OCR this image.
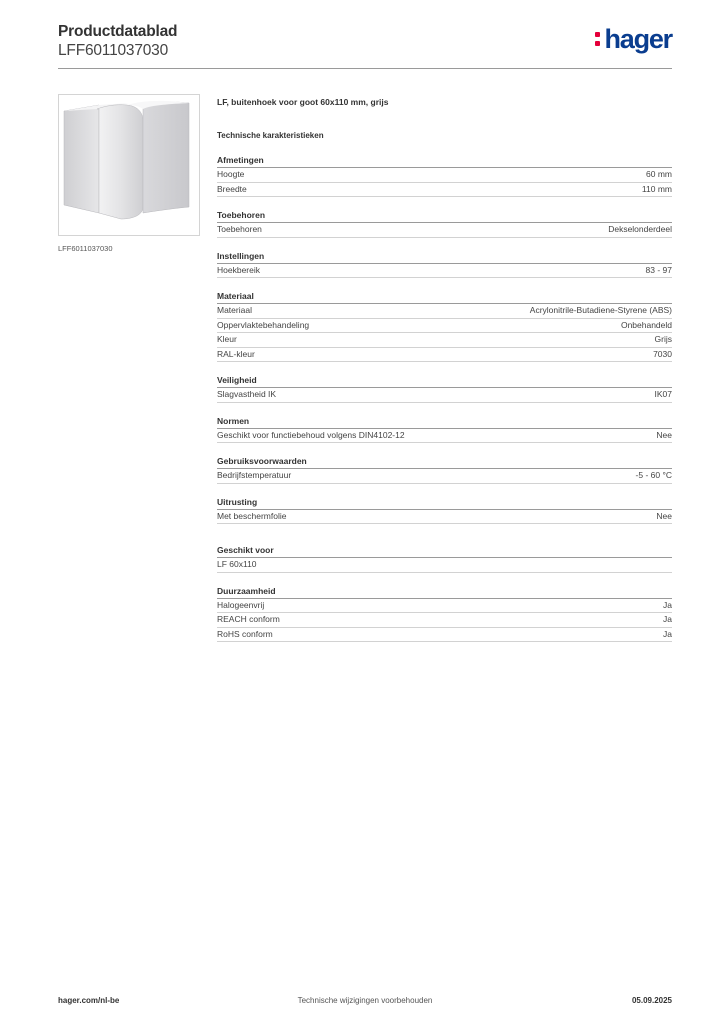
Productdatablad
LFF6011037030	hager
LFF6011037030
LF, buitenhoek voor goot 60x110 mm, grijs
Technische karakteristieken
Afmetingen
Hoogte	60 mm
Breedte	110 mm
Toebehoren
Toebehoren	Dekselonderdeel
Instellingen
Hoekbereik	83 - 97
Materiaal
Materiaal	Acrylonitrile-Butadiene-Styrene (ABS)
Oppervlaktebehandeling	Onbehandeld
Kleur	Grijs
RAL-kleur	7030
Veiligheid
Slagvastheid IK	IK07
Normen
Geschikt voor functiebehoud volgens DIN4102-12	Nee
Gebruiksvoorwaarden
Bedrijfstemperatuur	-5 - 60 °C
Uitrusting
Met beschermfolie	Nee
Geschikt voor
LF 60x110
Duurzaamheid
Halogeenvrij	Ja
REACH conform	Ja
RoHS conform	Ja
hager.com/nl-be	Technische wijzigingen voorbehouden	05.09.2025
